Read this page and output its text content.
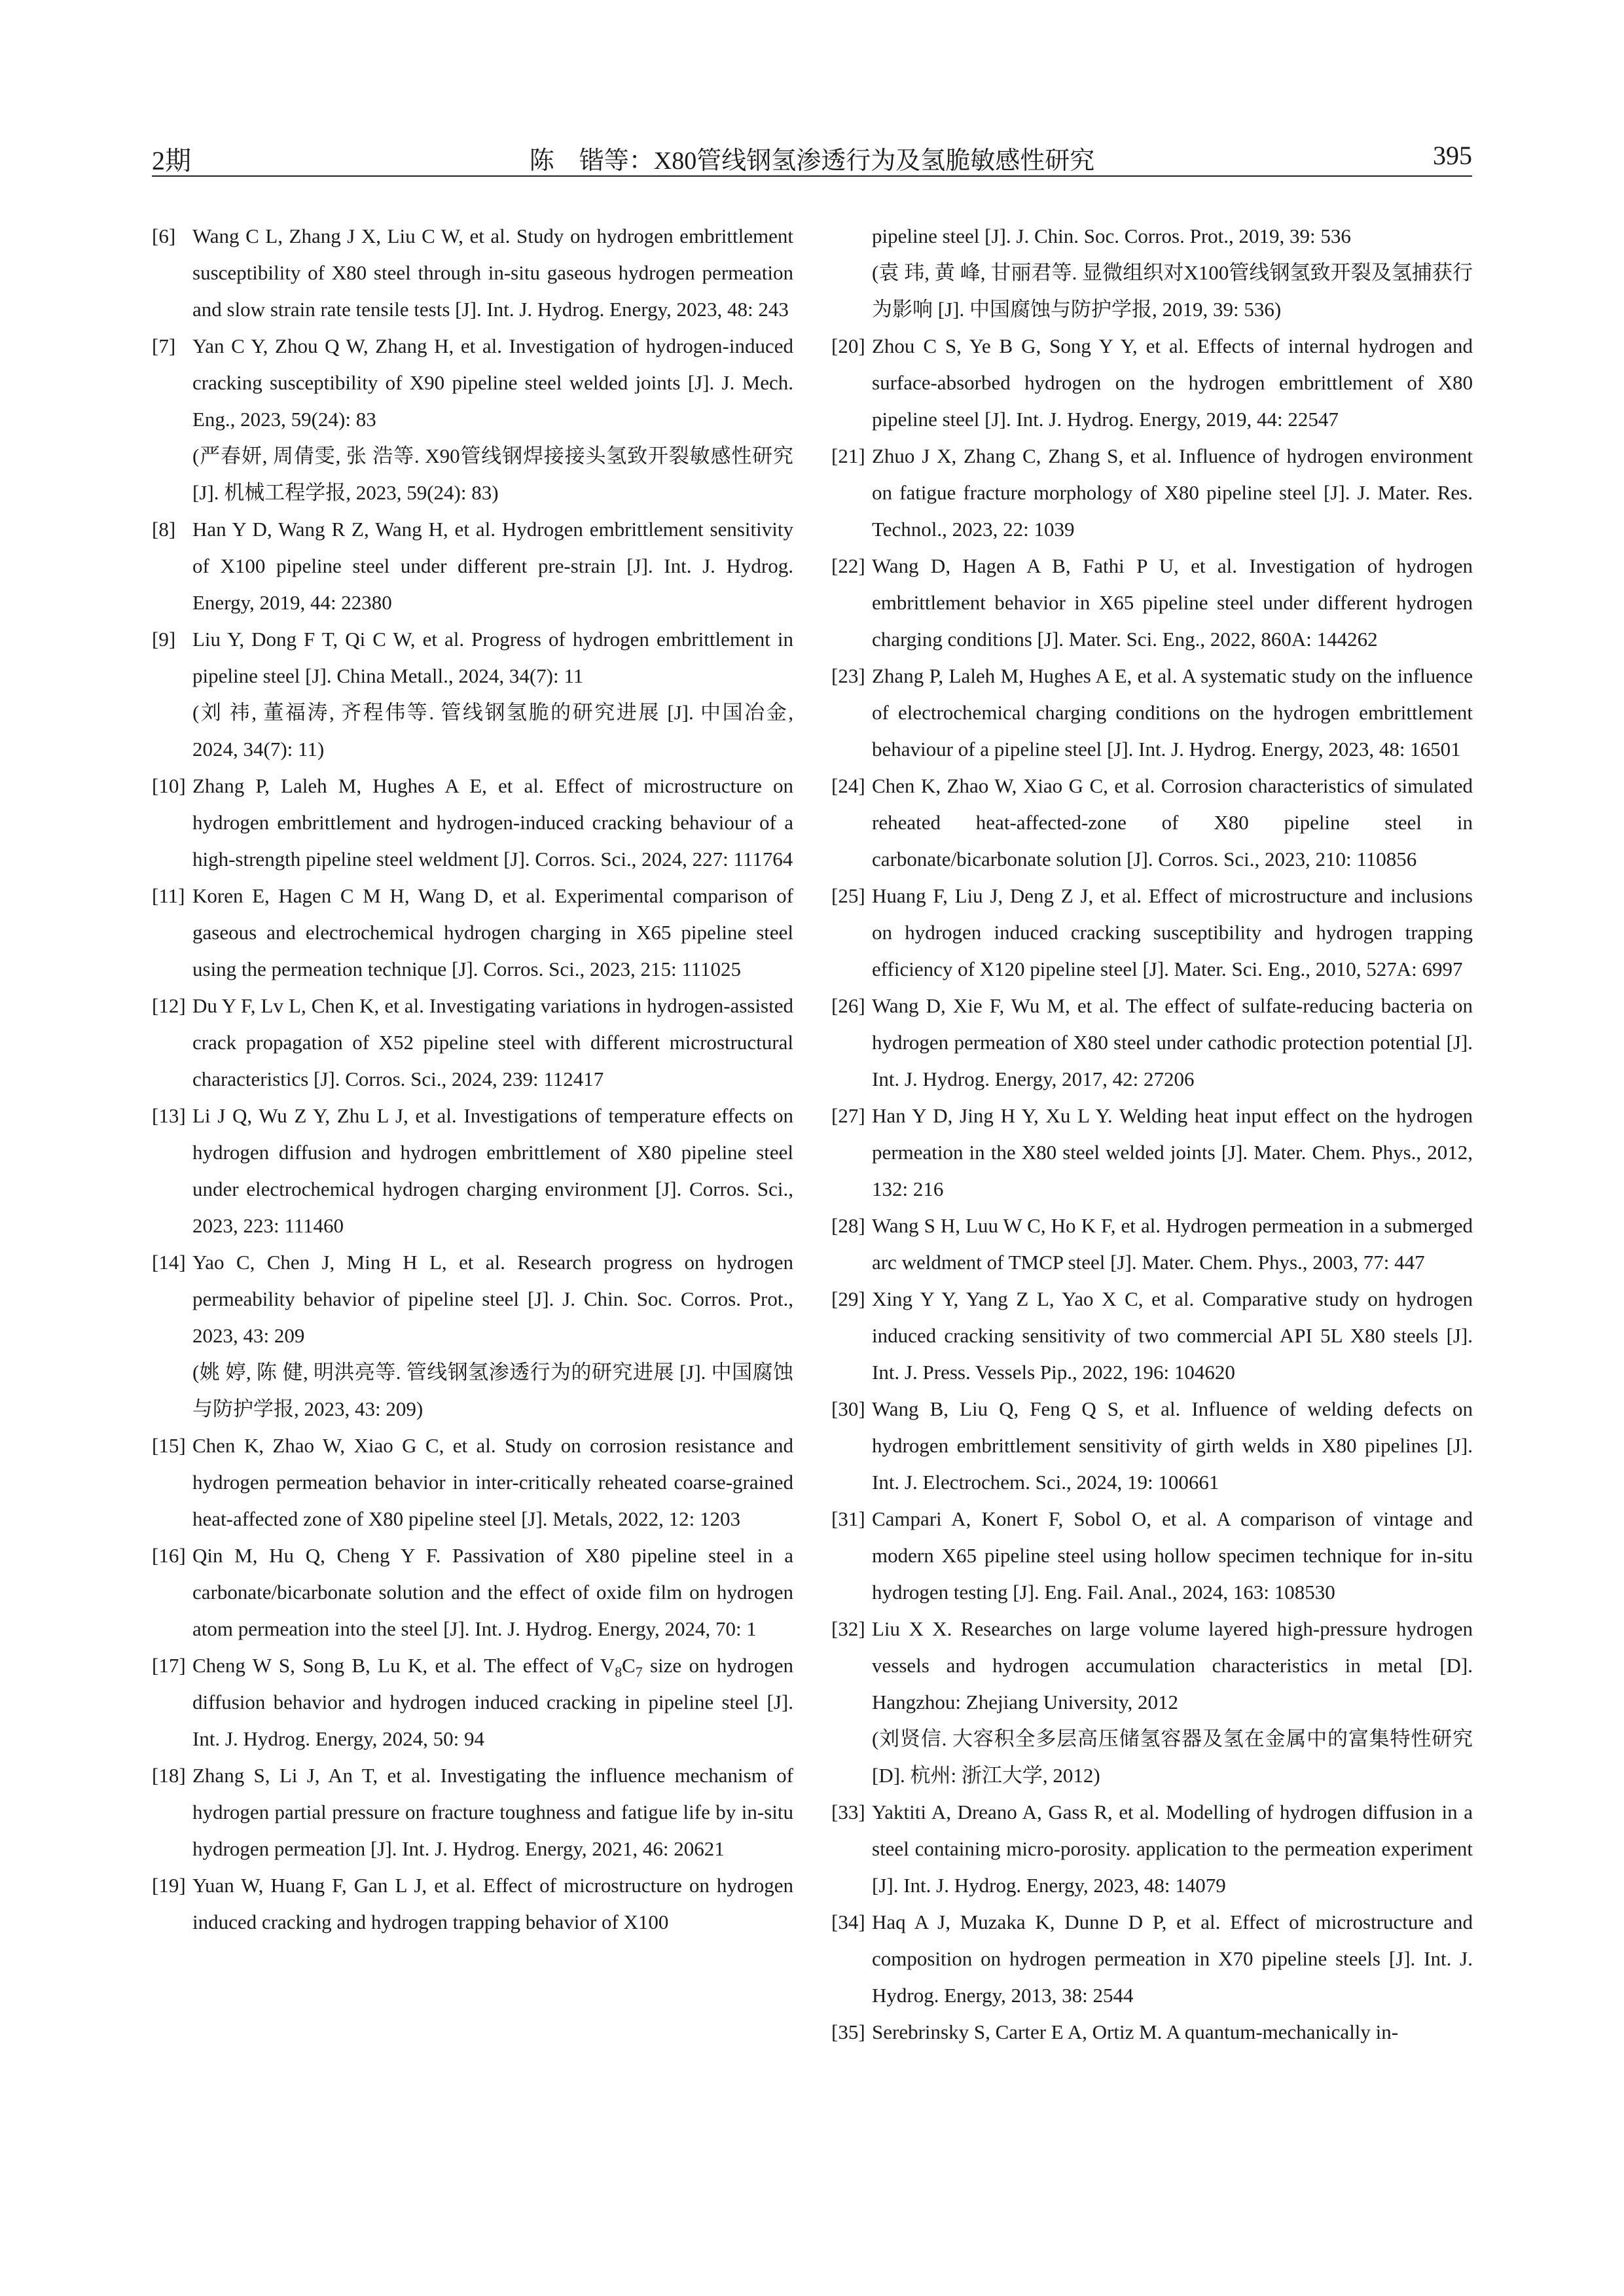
2期	陈　锴等：X80管线钢氢渗透行为及氢脆敏感性研究	395
[6] Wang C L, Zhang J X, Liu C W, et al. Study on hydrogen embrittlement susceptibility of X80 steel through in-situ gaseous hydrogen permeation and slow strain rate tensile tests [J]. Int. J. Hydrog. Energy, 2023, 48: 243
[7] Yan C Y, Zhou Q W, Zhang H, et al. Investigation of hydrogen-induced cracking susceptibility of X90 pipeline steel welded joints [J]. J. Mech. Eng., 2023, 59(24): 83
(严春妍, 周倩雯, 张 浩等. X90管线钢焊接接头氢致开裂敏感性研究 [J]. 机械工程学报, 2023, 59(24): 83)
[8] Han Y D, Wang R Z, Wang H, et al. Hydrogen embrittlement sensitivity of X100 pipeline steel under different pre-strain [J]. Int. J. Hydrog. Energy, 2019, 44: 22380
[9] Liu Y, Dong F T, Qi C W, et al. Progress of hydrogen embrittlement in pipeline steel [J]. China Metall., 2024, 34(7): 11
(刘 祎, 董福涛, 齐程伟等. 管线钢氢脆的研究进展 [J]. 中国冶金, 2024, 34(7): 11)
[10] Zhang P, Laleh M, Hughes A E, et al. Effect of microstructure on hydrogen embrittlement and hydrogen-induced cracking behaviour of a high-strength pipeline steel weldment [J]. Corros. Sci., 2024, 227: 111764
[11] Koren E, Hagen C M H, Wang D, et al. Experimental comparison of gaseous and electrochemical hydrogen charging in X65 pipeline steel using the permeation technique [J]. Corros. Sci., 2023, 215: 111025
[12] Du Y F, Lv L, Chen K, et al. Investigating variations in hydrogen-assisted crack propagation of X52 pipeline steel with different microstructural characteristics [J]. Corros. Sci., 2024, 239: 112417
[13] Li J Q, Wu Z Y, Zhu L J, et al. Investigations of temperature effects on hydrogen diffusion and hydrogen embrittlement of X80 pipeline steel under electrochemical hydrogen charging environment [J]. Corros. Sci., 2023, 223: 111460
[14] Yao C, Chen J, Ming H L, et al. Research progress on hydrogen permeability behavior of pipeline steel [J]. J. Chin. Soc. Corros. Prot., 2023, 43: 209
(姚 婷, 陈 健, 明洪亮等. 管线钢氢渗透行为的研究进展 [J]. 中国腐蚀与防护学报, 2023, 43: 209)
[15] Chen K, Zhao W, Xiao G C, et al. Study on corrosion resistance and hydrogen permeation behavior in inter-critically reheated coarse-grained heat-affected zone of X80 pipeline steel [J]. Metals, 2022, 12: 1203
[16] Qin M, Hu Q, Cheng Y F. Passivation of X80 pipeline steel in a carbonate/bicarbonate solution and the effect of oxide film on hydrogen atom permeation into the steel [J]. Int. J. Hydrog. Energy, 2024, 70: 1
[17] Cheng W S, Song B, Lu K, et al. The effect of $V_8C_7$ size on hydrogen diffusion behavior and hydrogen induced cracking in pipeline steel [J]. Int. J. Hydrog. Energy, 2024, 50: 94
[18] Zhang S, Li J, An T, et al. Investigating the influence mechanism of hydrogen partial pressure on fracture toughness and fatigue life by in-situ hydrogen permeation [J]. Int. J. Hydrog. Energy, 2021, 46: 20621
[19] Yuan W, Huang F, Gan L J, et al. Effect of microstructure on hydrogen induced cracking and hydrogen trapping behavior of X100
pipeline steel [J]. J. Chin. Soc. Corros. Prot., 2019, 39: 536
(袁 玮, 黄 峰, 甘丽君等. 显微组织对X100管线钢氢致开裂及氢捕获行为影响 [J]. 中国腐蚀与防护学报, 2019, 39: 536)
[20] Zhou C S, Ye B G, Song Y Y, et al. Effects of internal hydrogen and surface-absorbed hydrogen on the hydrogen embrittlement of X80 pipeline steel [J]. Int. J. Hydrog. Energy, 2019, 44: 22547
[21] Zhuo J X, Zhang C, Zhang S, et al. Influence of hydrogen environment on fatigue fracture morphology of X80 pipeline steel [J]. J. Mater. Res. Technol., 2023, 22: 1039
[22] Wang D, Hagen A B, Fathi P U, et al. Investigation of hydrogen embrittlement behavior in X65 pipeline steel under different hydrogen charging conditions [J]. Mater. Sci. Eng., 2022, 860A: 144262
[23] Zhang P, Laleh M, Hughes A E, et al. A systematic study on the influence of electrochemical charging conditions on the hydrogen embrittlement behaviour of a pipeline steel [J]. Int. J. Hydrog. Energy, 2023, 48: 16501
[24] Chen K, Zhao W, Xiao G C, et al. Corrosion characteristics of simulated reheated heat-affected-zone of X80 pipeline steel in carbonate/bicarbonate solution [J]. Corros. Sci., 2023, 210: 110856
[25] Huang F, Liu J, Deng Z J, et al. Effect of microstructure and inclusions on hydrogen induced cracking susceptibility and hydrogen trapping efficiency of X120 pipeline steel [J]. Mater. Sci. Eng., 2010, 527A: 6997
[26] Wang D, Xie F, Wu M, et al. The effect of sulfate-reducing bacteria on hydrogen permeation of X80 steel under cathodic protection potential [J]. Int. J. Hydrog. Energy, 2017, 42: 27206
[27] Han Y D, Jing H Y, Xu L Y. Welding heat input effect on the hydrogen permeation in the X80 steel welded joints [J]. Mater. Chem. Phys., 2012, 132: 216
[28] Wang S H, Luu W C, Ho K F, et al. Hydrogen permeation in a submerged arc weldment of TMCP steel [J]. Mater. Chem. Phys., 2003, 77: 447
[29] Xing Y Y, Yang Z L, Yao X C, et al. Comparative study on hydrogen induced cracking sensitivity of two commercial API 5L X80 steels [J]. Int. J. Press. Vessels Pip., 2022, 196: 104620
[30] Wang B, Liu Q, Feng Q S, et al. Influence of welding defects on hydrogen embrittlement sensitivity of girth welds in X80 pipelines [J]. Int. J. Electrochem. Sci., 2024, 19: 100661
[31] Campari A, Konert F, Sobol O, et al. A comparison of vintage and modern X65 pipeline steel using hollow specimen technique for in-situ hydrogen testing [J]. Eng. Fail. Anal., 2024, 163: 108530
[32] Liu X X. Researches on large volume layered high-pressure hydrogen vessels and hydrogen accumulation characteristics in metal [D]. Hangzhou: Zhejiang University, 2012
(刘贤信. 大容积全多层高压储氢容器及氢在金属中的富集特性研究 [D]. 杭州: 浙江大学, 2012)
[33] Yaktiti A, Dreano A, Gass R, et al. Modelling of hydrogen diffusion in a steel containing micro-porosity. application to the permeation experiment [J]. Int. J. Hydrog. Energy, 2023, 48: 14079
[34] Haq A J, Muzaka K, Dunne D P, et al. Effect of microstructure and composition on hydrogen permeation in X70 pipeline steels [J]. Int. J. Hydrog. Energy, 2013, 38: 2544
[35] Serebrinsky S, Carter E A, Ortiz M. A quantum-mechanically in-
